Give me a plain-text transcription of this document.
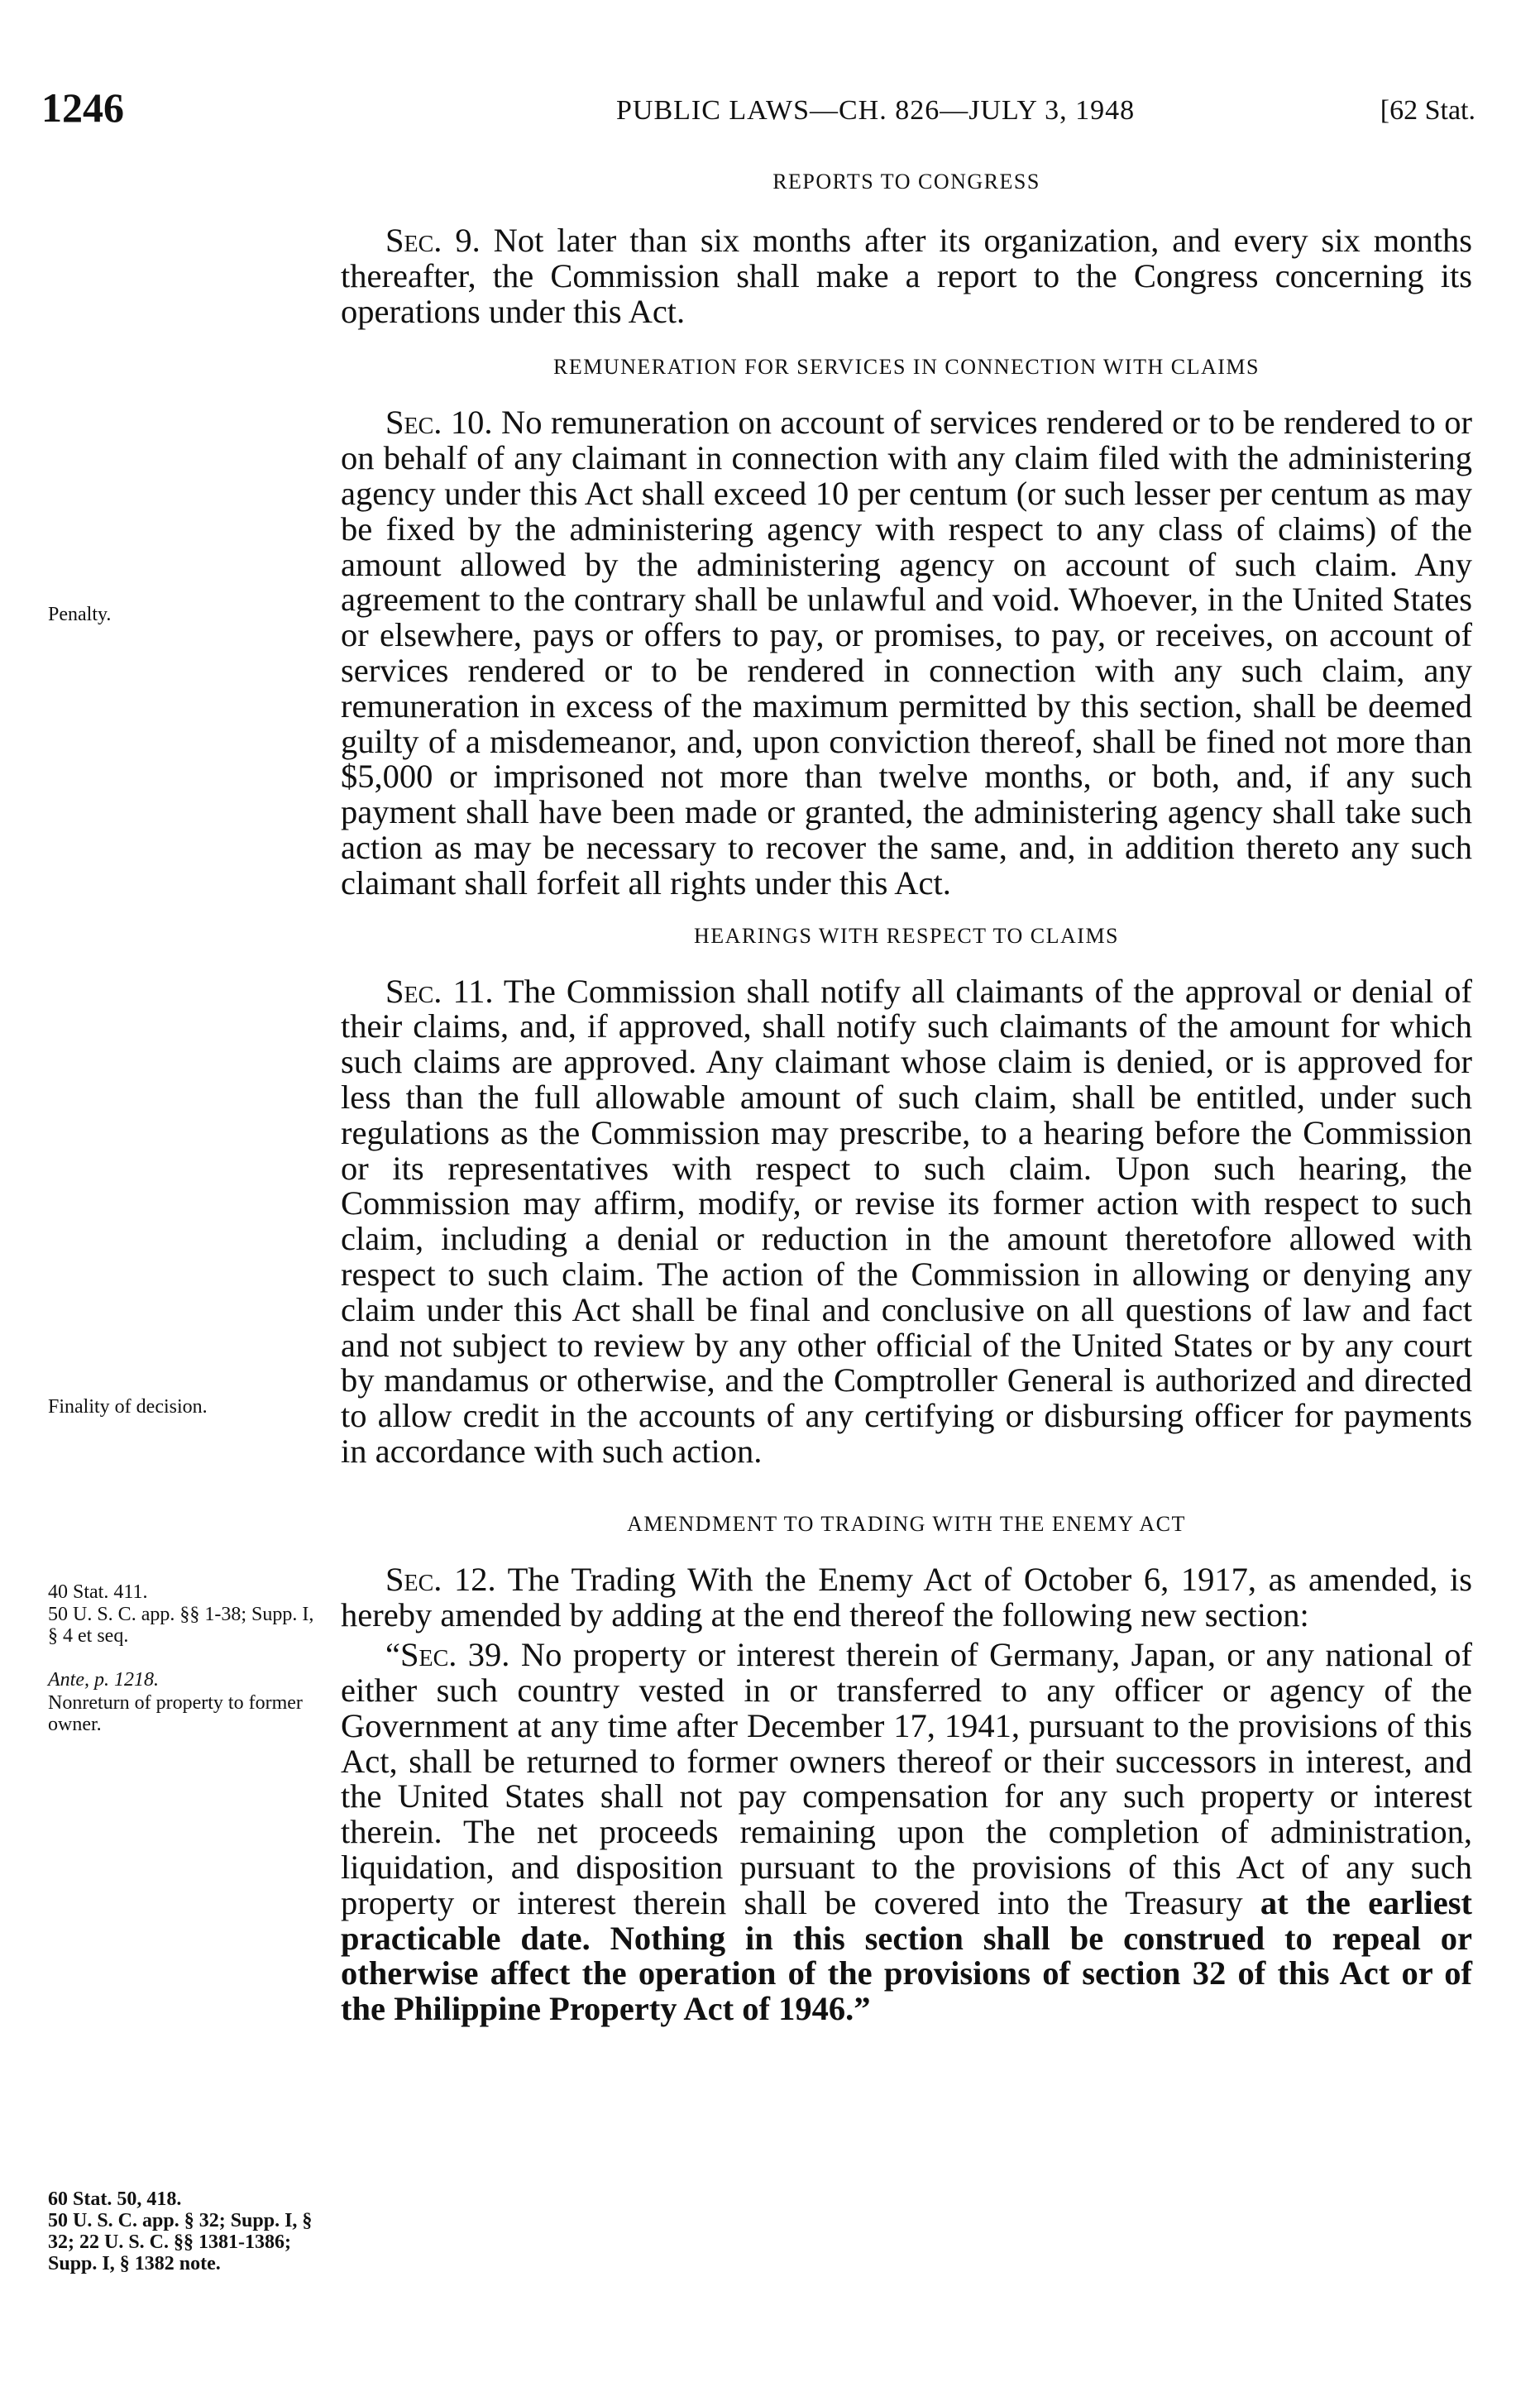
1246	PUBLIC LAWS—CH. 826—JULY 3, 1948	[62 Stat.
REPORTS TO CONGRESS

Sec. 9. Not later than six months after its organization, and every six months thereafter, the Commission shall make a report to the Congress concerning its operations under this Act.

REMUNERATION FOR SERVICES IN CONNECTION WITH CLAIMS

Sec. 10. No remuneration on account of services rendered or to be rendered to or on behalf of any claimant in connection with any claim filed with the administering agency under this Act shall exceed 10 per centum (or such lesser per centum as may be fixed by the administering agency with respect to any class of claims) of the amount allowed by the administering agency on account of such claim. Any agreement to the contrary shall be unlawful and void. Whoever, in the United States or elsewhere, pays or offers to pay, or promises, to pay, or receives, on account of services rendered or to be rendered in connection with any such claim, any remuneration in excess of the maximum permitted by this section, shall be deemed guilty of a misdemeanor, and, upon conviction thereof, shall be fined not more than $5,000 or imprisoned not more than twelve months, or both, and, if any such payment shall have been made or granted, the administering agency shall take such action as may be necessary to recover the same, and, in addition thereto any such claimant shall forfeit all rights under this Act.

HEARINGS WITH RESPECT TO CLAIMS

Sec. 11. The Commission shall notify all claimants of the approval or denial of their claims, and, if approved, shall notify such claimants of the amount for which such claims are approved. Any claimant whose claim is denied, or is approved for less than the full allowable amount of such claim, shall be entitled, under such regulations as the Commission may prescribe, to a hearing before the Commission or its representatives with respect to such claim. Upon such hearing, the Commission may affirm, modify, or revise its former action with respect to such claim, including a denial or reduction in the amount theretofore allowed with respect to such claim. The action of the Commission in allowing or denying any claim under this Act shall be final and conclusive on all questions of law and fact and not subject to review by any other official of the United States or by any court by mandamus or otherwise, and the Comptroller General is authorized and directed to allow credit in the accounts of any certifying or disbursing officer for payments in accordance with such action.

AMENDMENT TO TRADING WITH THE ENEMY ACT

Sec. 12. The Trading With the Enemy Act of October 6, 1917, as amended, is hereby amended by adding at the end thereof the following new section:

“Sec. 39. No property or interest therein of Germany, Japan, or any national of either such country vested in or transferred to any officer or agency of the Government at any time after December 17, 1941, pursuant to the provisions of this Act, shall be returned to former owners thereof or their successors in interest, and the United States shall not pay compensation for any such property or interest therein. The net proceeds remaining upon the completion of administration, liquidation, and disposition pursuant to the provisions of this Act of any such property or interest therein shall be covered into the Treasury at the earliest practicable date. Nothing in this section shall be construed to repeal or otherwise affect the operation of the provisions of section 32 of this Act or of the Philippine Property Act of 1946.”

Penalty.
Finality of decision.
40 Stat. 411.
50 U. S. C. app. §§ 1-38; Supp. I, § 4 et seq.
Ante, p. 1218.
Nonreturn of property to former owner.
60 Stat. 50, 418.
50 U. S. C. app. § 32; Supp. I, § 32; 22 U. S. C. §§ 1381-1386; Supp. I, § 1382 note.
